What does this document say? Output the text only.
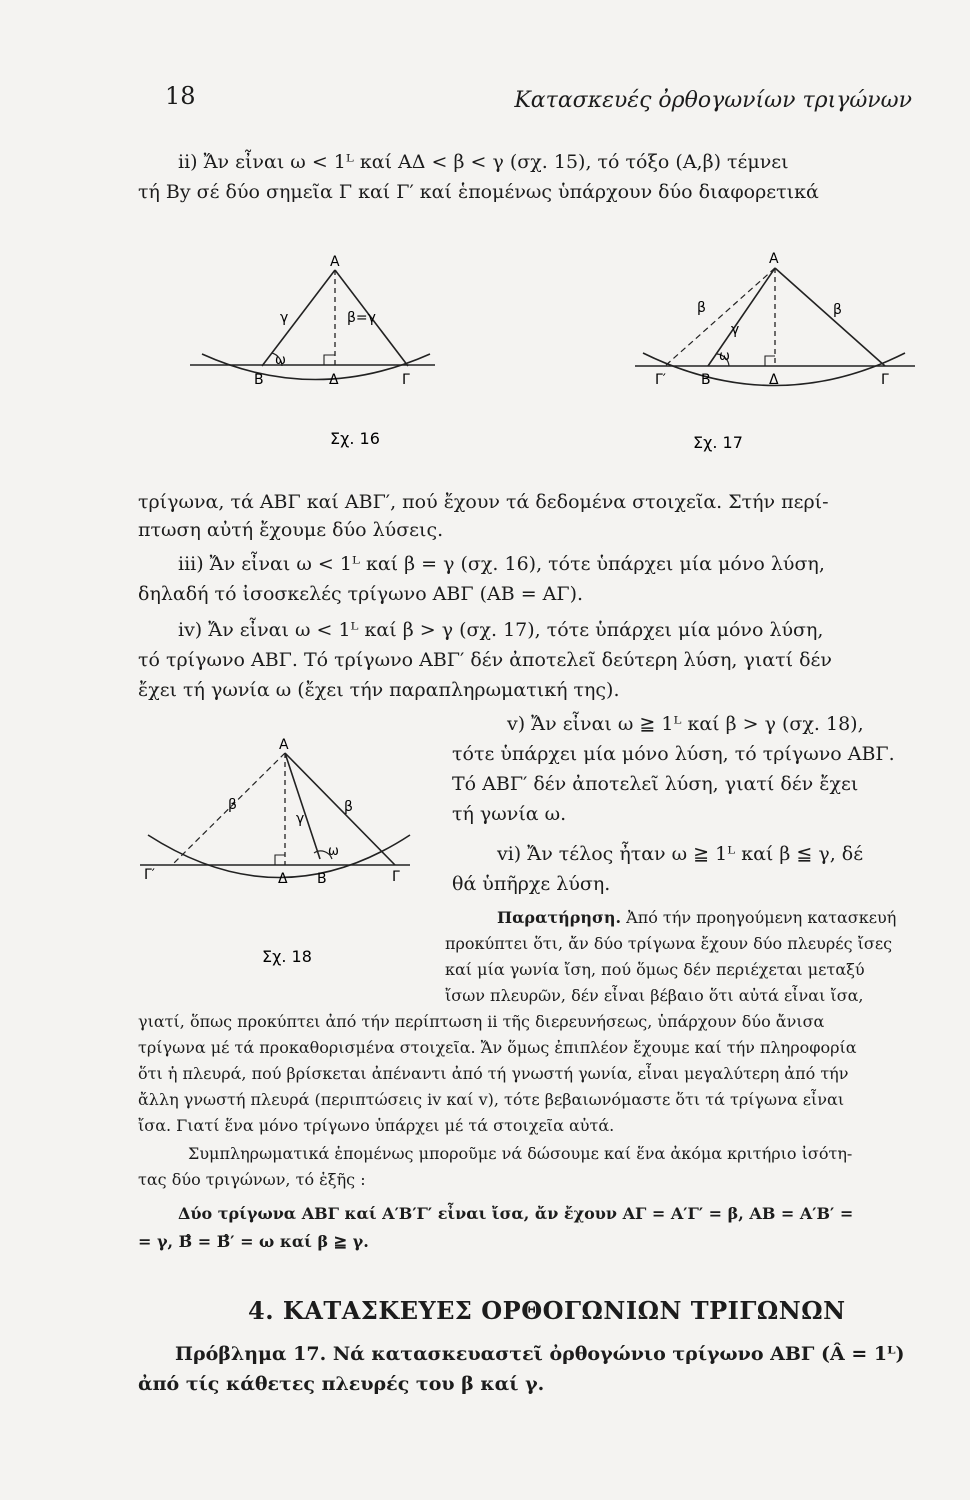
18	Κατασκευές ὀρθογωνίων τριγώνων
ii) Ἄν εἶναι ω < 1ᴸ καί ΑΔ < β < γ (σχ. 15), τό τόξο (Α,β) τέμνει
τή Βy σέ δύο σημεῖα Γ καί Γ′ καί ἑπομένως ὑπάρχουν δύο διαφορετικά
Α
Β	Δ	Γ
γ	β=γ
ω
Σχ. 16
Α
Γ′	Β	Δ	Γ
β
γ
β
ω
Σχ. 17
τρίγωνα, τά ΑΒΓ καί ΑΒΓ′, πού ἔχουν τά δεδομένα στοιχεῖα. Στήν περί-
πτωση αὐτή ἔχουμε δύο λύσεις.
iii) Ἄν εἶναι ω < 1ᴸ καί β = γ (σχ. 16), τότε ὑπάρχει μία μόνο λύση,
δηλαδή τό ἰσοσκελές τρίγωνο ΑΒΓ (ΑΒ = ΑΓ).
iv) Ἄν εἶναι ω < 1ᴸ καί β > γ (σχ. 17), τότε ὑπάρχει μία μόνο λύση,
τό τρίγωνο ΑΒΓ. Τό τρίγωνο ΑΒΓ′ δέν ἀποτελεῖ δεύτερη λύση, γιατί δέν
ἔχει τή γωνία ω (ἔχει τήν παραπληρωματική της).
Α
Γ′	Δ Β	Γ
β
γ
β
ω
Σχ. 18
v) Ἄν εἶναι ω ≧ 1ᴸ καί β > γ (σχ. 18),
τότε ὑπάρχει μία μόνο λύση, τό τρίγωνο ΑΒΓ.
Τό ΑΒΓ′ δέν ἀποτελεῖ λύση, γιατί δέν ἔχει
τή γωνία ω.
vi) Ἄν τέλος ἦταν ω ≧ 1ᴸ καί β ≦ γ, δέ
θά ὑπῆρχε λύση.
Παρατήρηση. Ἀπό τήν προηγούμενη κατασκευή
προκύπτει ὅτι, ἄν δύο τρίγωνα ἔχουν δύο πλευρές ἴσες
καί μία γωνία ἴση, πού ὅμως δέν περιέχεται μεταξύ
ἴσων πλευρῶν, δέν εἶναι βέβαιο ὅτι αὐτά εἶναι ἴσα,
γιατί, ὅπως προκύπτει ἀπό τήν περίπτωση ii τῆς διερευνήσεως, ὑπάρχουν δύο ἄνισα
τρίγωνα μέ τά προκαθορισμένα στοιχεῖα. Ἄν ὅμως ἐπιπλέον ἔχουμε καί τήν πληροφορία
ὅτι ἡ πλευρά, πού βρίσκεται ἀπέναντι ἀπό τή γνωστή γωνία, εἶναι μεγαλύτερη ἀπό τήν
ἄλλη γνωστή πλευρά (περιπτώσεις iv καί v), τότε βεβαιωνόμαστε ὅτι τά τρίγωνα εἶναι
ἴσα. Γιατί ἕνα μόνο τρίγωνο ὑπάρχει μέ τά στοιχεῖα αὐτά.
Συμπληρωματικά ἑπομένως μποροῦμε νά δώσουμε καί ἕνα ἀκόμα κριτήριο ἰσότη-
τας δύο τριγώνων, τό ἑξῆς :
Δύο τρίγωνα ΑΒΓ καί Α′Β′Γ′ εἶναι ἴσα, ἄν ἔχουν ΑΓ = Α′Γ′ = β, ΑΒ = Α′Β′ =
= γ, Β̂ = Β̂′ = ω καί β ≧ γ.
4. ΚΑΤΑΣΚΕΥΕΣ ΟΡΘΟΓΩΝΙΩΝ ΤΡΙΓΩΝΩΝ
Πρόβλημα 17. Νά κατασκευαστεῖ ὀρθογώνιο τρίγωνο ΑΒΓ (Â = 1ᴸ)
ἀπό τίς κάθετες πλευρές του β καί γ.
